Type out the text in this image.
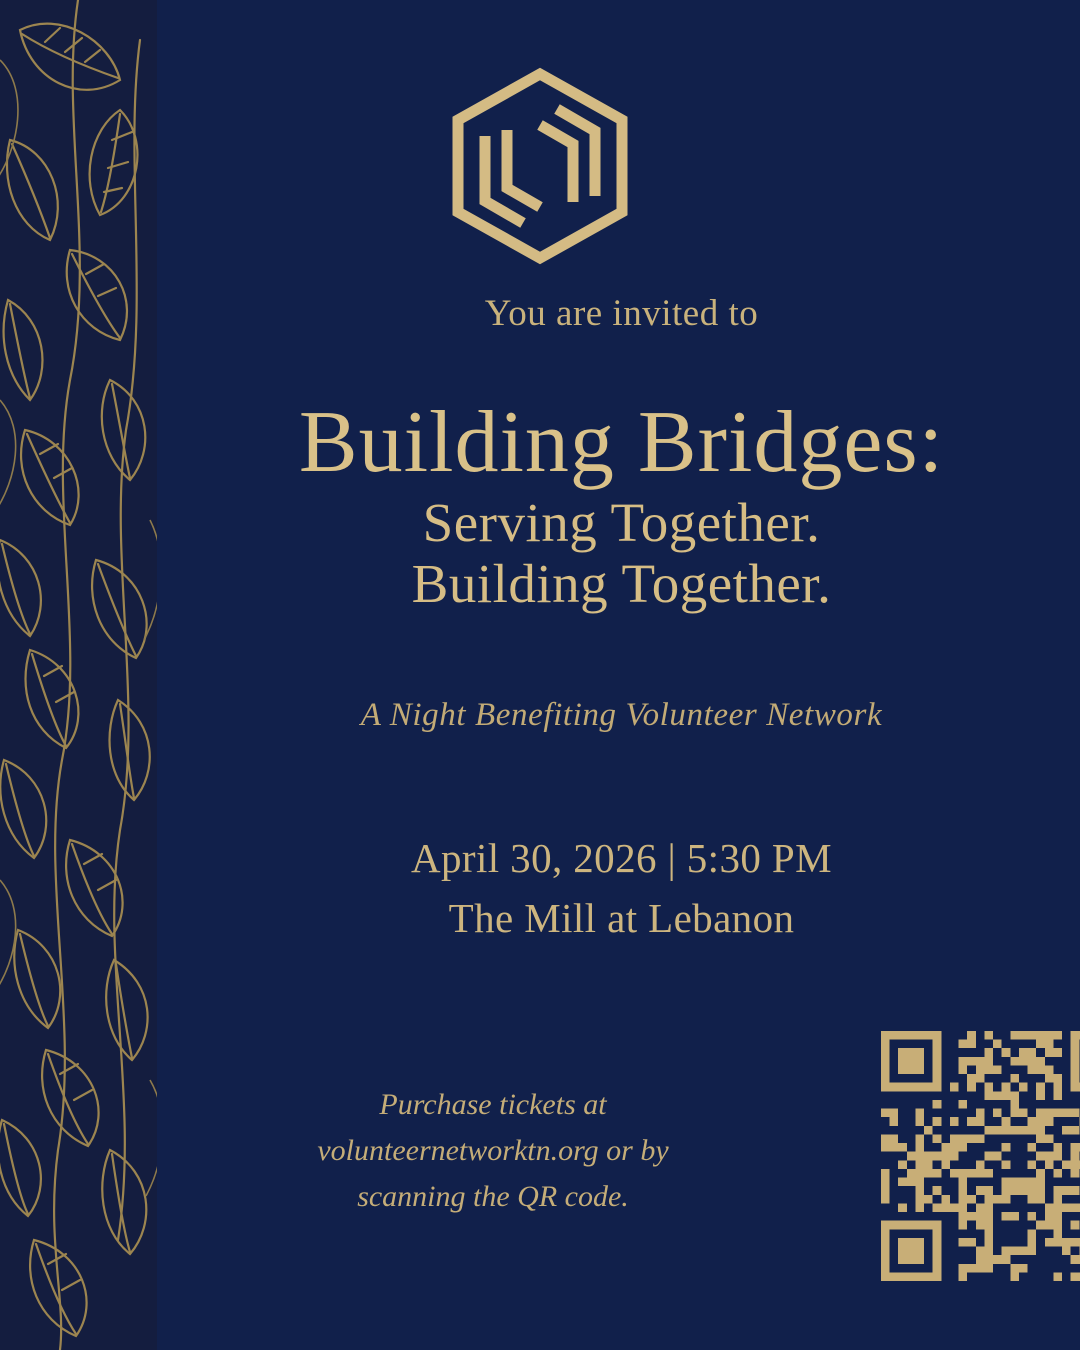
You are invited to
Building Bridges:
Serving Together.
Building Together.
A Night Benefiting Volunteer Network
April 30, 2026 | 5:30 PM
The Mill at Lebanon
Purchase tickets at
volunteernetworktn.org or by
scanning the QR code.
